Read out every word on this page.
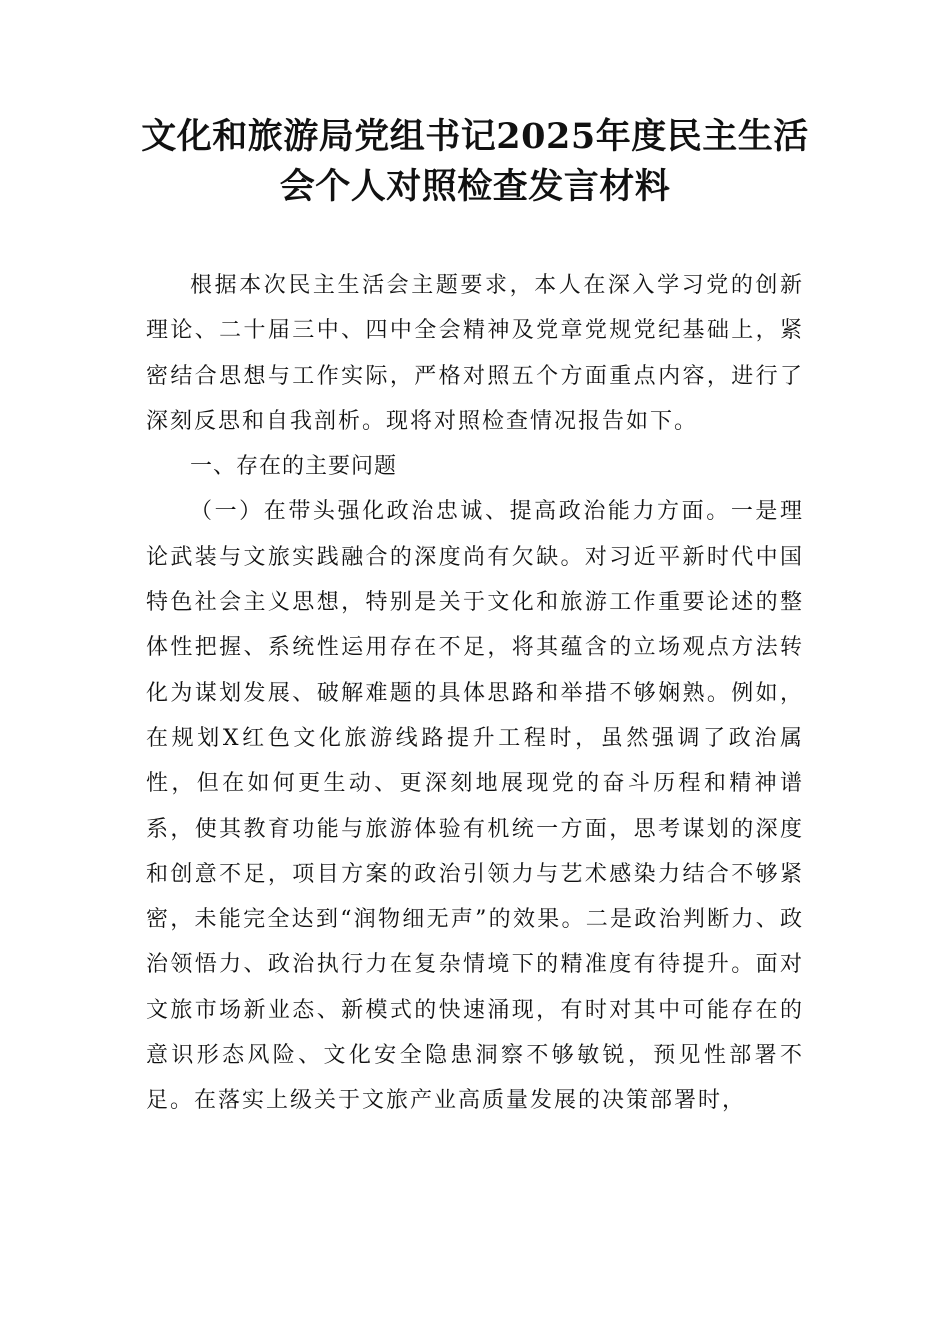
文化和旅游局党组书记2025年度民主生活
会个人对照检查发言材料

根据本次民主生活会主题要求，本人在深入学习党的创新理论、二十届三中、四中全会精神及党章党规党纪基础上，紧密结合思想与工作实际，严格对照五个方面重点内容，进行了深刻反思和自我剖析。现将对照检查情况报告如下。

一、存在的主要问题

（一）在带头强化政治忠诚、提高政治能力方面。一是理论武装与文旅实践融合的深度尚有欠缺。对习近平新时代中国特色社会主义思想，特别是关于文化和旅游工作重要论述的整体性把握、系统性运用存在不足，将其蕴含的立场观点方法转化为谋划发展、破解难题的具体思路和举措不够娴熟。例如，在规划X红色文化旅游线路提升工程时，虽然强调了政治属性，但在如何更生动、更深刻地展现党的奋斗历程和精神谱系，使其教育功能与旅游体验有机统一方面，思考谋划的深度和创意不足，项目方案的政治引领力与艺术感染力结合不够紧密，未能完全达到“润物细无声”的效果。二是政治判断力、政治领悟力、政治执行力在复杂情境下的精准度有待提升。面对文旅市场新业态、新模式的快速涌现，有时对其中可能存在的意识形态风险、文化安全隐患洞察不够敏锐，预见性部署不足。在落实上级关于文旅产业高质量发展的决策部署时，
